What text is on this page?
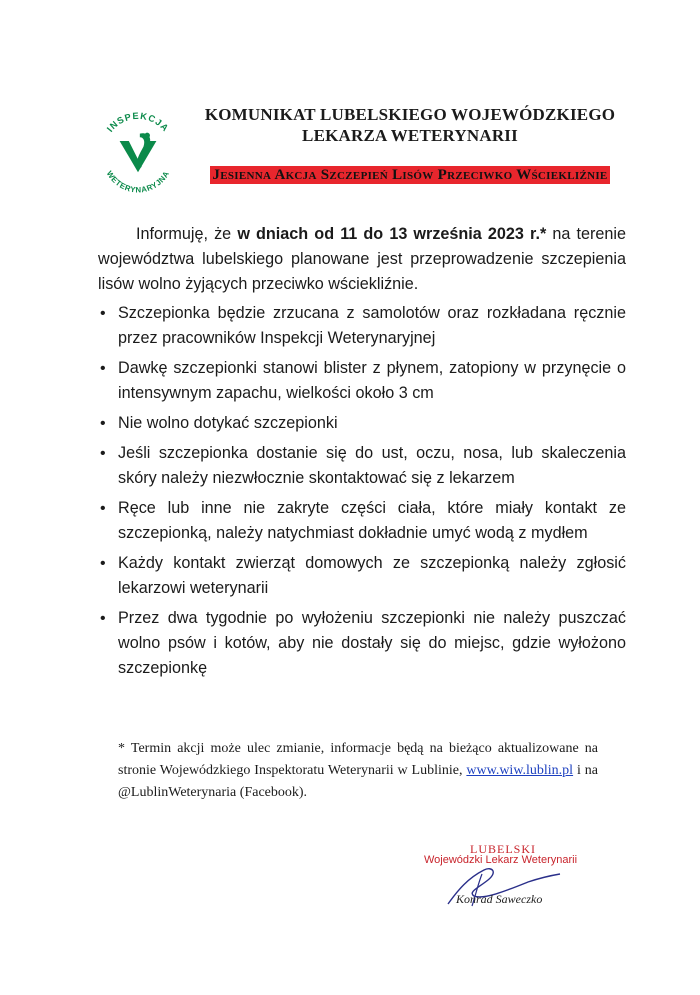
INSPEKCJA
WETERYNARYJNA
KOMUNIKAT LUBELSKIEGO WOJEWÓDZKIEGO
LEKARZA WETERYNARII
Jesienna Akcja Szczepień Lisów Przeciwko Wściekliźnie

Informuję, że w dniach od 11 do 13 września 2023 r.* na terenie województwa lubelskiego planowane jest przeprowadzenie szczepienia lisów wolno żyjących przeciwko wściekliźnie.

• Szczepionka będzie zrzucana z samolotów oraz rozkładana ręcznie przez pracowników Inspekcji Weterynaryjnej
• Dawkę szczepionki stanowi blister z płynem, zatopiony w przynęcie o intensywnym zapachu, wielkości około 3 cm
• Nie wolno dotykać szczepionki
• Jeśli szczepionka dostanie się do ust, oczu, nosa, lub skaleczenia skóry należy niezwłocznie skontaktować się z lekarzem
• Ręce lub inne nie zakryte części ciała, które miały kontakt ze szczepionką, należy natychmiast dokładnie umyć wodą z mydłem
• Każdy kontakt zwierząt domowych ze szczepionką należy zgłosić lekarzowi weterynarii
• Przez dwa tygodnie po wyłożeniu szczepionki nie należy puszczać wolno psów i kotów, aby nie dostały się do miejsc, gdzie wyłożono szczepionkę
* Termin akcji może ulec zmianie, informacje będą na bieżąco aktualizowane na stronie Wojewódzkiego Inspektoratu Weterynarii w Lublinie, www.wiw.lublin.pl i na @LublinWeterynaria (Facebook).
LUBELSKI
Wojewódzki Lekarz Weterynarii
Konrad Saweczko
